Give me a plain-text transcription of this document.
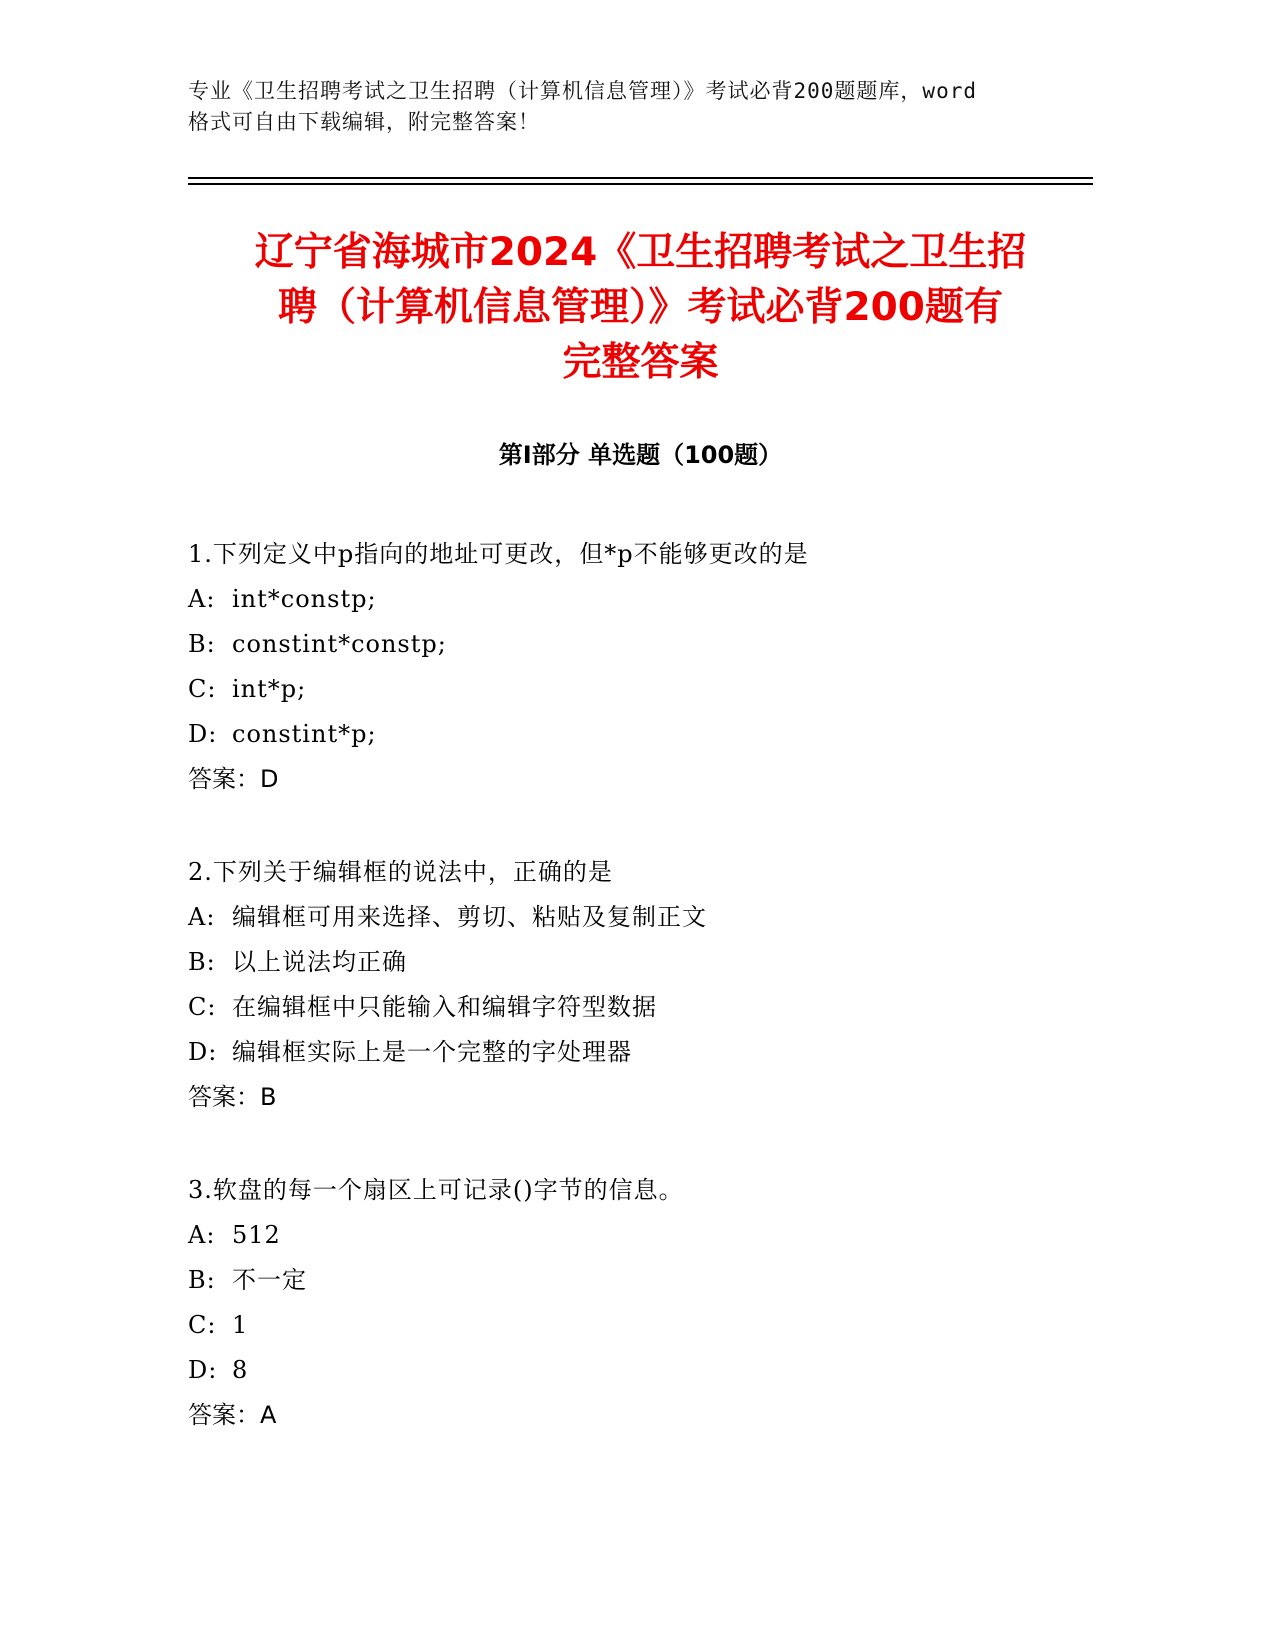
专业《卫生招聘考试之卫生招聘（计算机信息管理）》考试必背200题题库，word
格式可自由下载编辑，附完整答案！
辽宁省海城市2024《卫生招聘考试之卫生招
聘（计算机信息管理）》考试必背200题有
完整答案
第Ⅰ部分 单选题（100题）
1.下列定义中p指向的地址可更改，但*p不能够更改的是
A: int*constp;
B: constint*constp;
C: int*p;
D: constint*p;
答案：D
2.下列关于编辑框的说法中，正确的是
A: 编辑框可用来选择、剪切、粘贴及复制正文
B: 以上说法均正确
C: 在编辑框中只能输入和编辑字符型数据
D: 编辑框实际上是一个完整的字处理器
答案：B
3.软盘的每一个扇区上可记录()字节的信息。
A: 512
B: 不一定
C: 1
D: 8
答案：A
